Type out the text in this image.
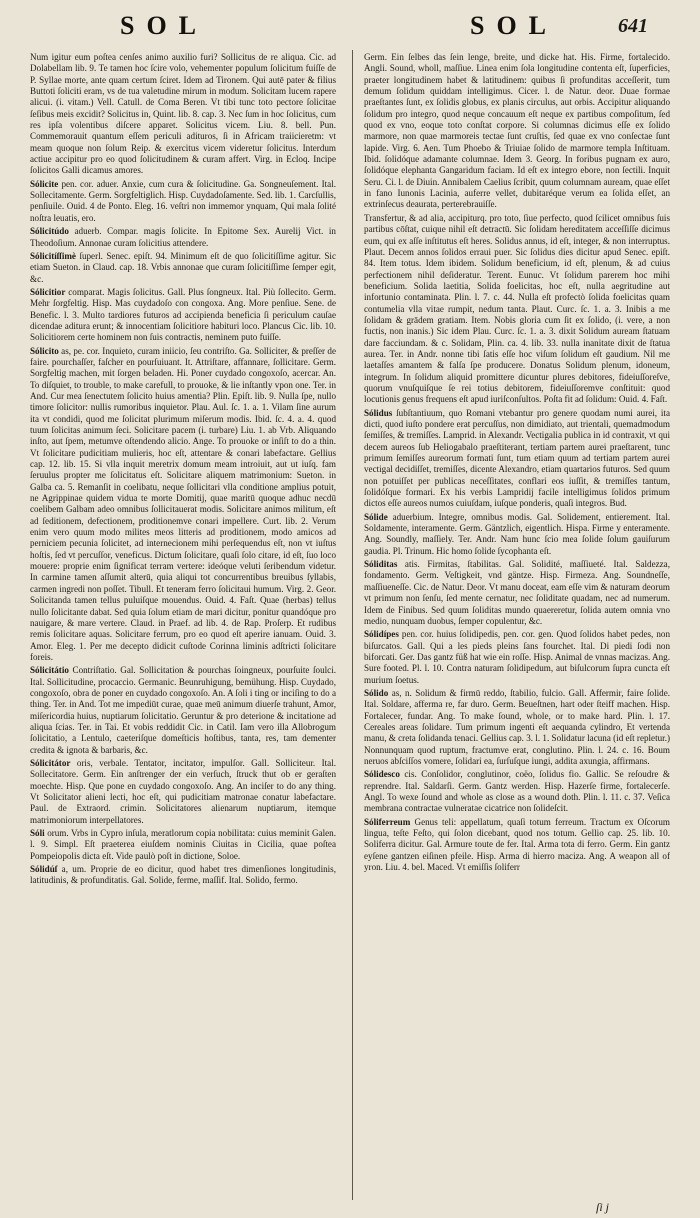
SOL	SOL	641

Num igitur eum poſtea cenſes animo auxilio furi? Sollicitus de re aliqua. Cic. ad Dolabellam lib. 9. Te tamen hoc ſcire volo, vehementer populum ſolicitum fuiſſe de P. Syllae morte, ante quam certum ſciret. Idem ad Tironem. Qui autē pater & filius Buttoti ſoliciti eram, vs de tua valetudine mirum in modum. Solicitam lucem rapere alicui. (i. vitam.) Vell. Catull. de Coma Beren. Vt tibi tunc toto pectore ſolicitae ſeſibus meis excidit? Solicitus in, Quint. lib. 8. cap. 3. Nec ſum in hoc ſolicitus, cum res ipſa volentibus diſcere apparet. Solicitus vicem. Liu. 8. bell. Pun. Commemorauit quantum eſſem periculi adituros, ſi in Africam traiicieretm: vt meam quoque non ſolum Reip. & exercitus vicem videretur ſolicitus. Interdum actiue accipitur pro eo quod ſolicitudinem & curam affert. Virg. in Ecloq. Incipe ſolicitos Galli dicamus amores.

Sólicite pen. cor. aduer. Anxie, cum cura & ſolicitudine. Ga. Songneuſement. Ital. Sollecitamente. Germ. Sorgfeltiglich. Hisp. Cuydadoſamente. Sed. lib. 1. Carcſullis, penſiuile. Ouid. 4 de Ponto. Eleg. 16. veſtri non immemor ynquam, Qui mala ſolité noſtra leuatis, ero.

Sólicitúdo aduerb. Compar. magis ſolicite. In Epitome Sex. Aurelij Vict. in Theodoſium. Annonae curam ſolicitius attendere.

Sólicitíſſimè ſuperl. Senec. epiſt. 94. Minimum eſt de quo ſolicitiſſime agitur. Sic etiam Sueton. in Claud. cap. 18. Vrbis annonae que curam ſolicitiſſime ſemper egit, &c.

Sólicitior comparat. Magis ſolicitus. Gall. Plus ſongneux. Ital. Più ſollecito. Germ. Mehr ſorgfeltig. Hisp. Mas cuydadoſo con congoxa. Ang. More penſiue. Sene. de Benefic. l. 3. Multo tardiores futuros ad accipienda beneficia ſi periculum cauſae dicendae aditura erunt; & innocentiam ſolicitiore habituri loco. Plancus Cic. lib. 10. Solicitiorem certe hominem non ſuis contractis, neminem puto fuiſſe.

Sólicito as, pe. cor. Inquieto, curam iniicio, ſeu contriſto. Ga. Solliciter, & preſſer de faire. pourchaſſer, faſcher en pourſuiuant. It. Attriſtare, affannare, ſollicitare. Germ. Sorgfeltig machen, mit ſorgen beladen. Hi. Poner cuydado congoxoſo, acercar. An. To diſquiet, to trouble, to make carefull, to prouoke, & lie inſtantly vpon one. Ter. in And. Cur mea ſenectutem ſolicito huius amentia? Plin. Epiſt. lib. 9. Nulla ſpe, nullo timore ſolicitor: nullis rumoribus inquietor. Plau. Aul. ſc. 1. a. 1. Vilam ſine aurum ita vt condidi, quod me ſolicitat plurimum miſerum modis. Ibid. ſc. 4. a. 4. quod tuum ſolicitas animum ſeci. Solicitare pacem (i. turbare) Liu. 1. ab Vrb. Aliquando inſto, aut ſpem, metumve oſtendendo alicio. Ange. To prouoke or inſiſt to do a thin. Vt ſolicitare pudicitiam mulieris, hoc eſt, attentare & conari labefactare. Gellius cap. 12. lib. 15. Si vlla inquit meretrix domum meam introiuit, aut ut iuſq. fam ſeruulus propter me ſolicitatus eſt. Solicitare aliquem matrimonium: Sueton. in Galba ca. 5. Remanſit in coelibatu, neque ſollicitari vlla conditione amplius potuit, ne Agrippinae quidem vidua te morte Domitij, quae maritū quoque adhuc necdū coelibem Galbam adeo omnibus ſollicitauerat modis. Solicitare animos militum, eſt ad ſeditionem, defectionem, proditionemve conari impellere. Curt. lib. 2. Verum enim vero quum modo milites meos litteris ad proditionem, modo amicos ad perniciem pecunia ſolicitet, ad internecionem mihi perſequendus eſt, non vt iuſtus hoſtis, ſed vt percuſſor, veneficus. Dictum ſolicitare, quaſi ſolo citare, id eſt, ſuo loco mouere: proprie enim ſignificat terram vertere: ideóque veluti ſeribendum videtur. In carmine tamen aſſumit alterū, quia aliqui tot concurrentibus breuibus ſyllabis, carmen ingredi non poſſet. Tibull. Et teneram ferro ſolicitaui humum. Virg. 2. Geor. Solicitanda tamen tellus puluiſque mouendus. Ouid. 4. Faſt. Quae (herbas) tellus nullo ſolicitante dabat. Sed quia ſolum etiam de mari dicitur, ponitur quandóque pro nauigare, & mare vertere. Claud. in Praef. ad lib. 4. de Rap. Proſerp. Et rudibus remis ſolicitare aquas. Solicitare ferrum, pro eo quod eſt aperire ianuam. Ouid. 3. Amor. Eleg. 1. Per me decepto didicit cuſtode Corinna liminis adſtricti ſolicitare foreis.

Sólicitátio Contriſtatio. Gal. Sollicitation & pourchas ſoingneux, pourſuite ſoulci. Ital. Sollicitudine, procaccio. Germanic. Beunruhigung, bemühung. Hisp. Cuydado, congoxoſo, obra de poner en cuydado congoxoſo. An. A ſoli i ting or inciſing to do a thing. Ter. in And. Tot me impediūt curae, quae meū animum diuerſe trahunt, Amor, miſericordia huius, nuptiarum ſolicitatio. Geruntur & pro deterione & incitatione ad aliqua ſcias. Ter. in Tai. Et vobis reddidit Cic. in Catil. Iam vero illa Allobrogum ſolicitatio, a Lentulo, caeteriſque domeſticis hoſtibus, tanta, res, tam dementer credita & ignota & barbaris, &c.

Sólicitátor oris, verbale. Tentator, incitator, impulſor. Gall. Solliciteur. Ital. Sollecitatore. Germ. Ein anſtrenger der ein verſuch, ſtruck thut ob er geraſten moechte. Hisp. Que pone en cuydado congoxoſo. Ang. An inciſer to do any thing. Vt Solicitator alieni lecti, hoc eſt, qui pudicitiam matronae conatur labefactare. Paul. de Extraord. crimin. Solicitatores alienarum nuptiarum, itemque matrimoniorum interpellatores.

Sóli orum. Vrbs in Cypro inſula, meratlorum copia nobilitata: cuius meminit Galen. l. 9. Simpl. Eſt praeterea eiuſdem nominis Ciuitas in Cicilia, quae poſtea Pompeiopolis dicta eſt. Vide paulò poſt in dictione, Soloe.

Sólidúſ a, um. Proprie de eo dicitur, quod habet tres dimenſiones longitudinis, latitudinis, & profunditatis. Gal. Solide, ferme, maſſif. Ital. Solido, fermo.

Germ. Ein ſelbes das ſein lenge, breite, und dicke hat. His. Firme, fortalecido. Angli. Sound, wholl, maſſiue. Linea enim ſola longitudine contenta eſt, ſuperficies, praeter longitudinem habet & latitudinem: quibus ſi profunditas acceſſerit, tum demum ſolidum quiddam intelligimus. Cicer. l. de Natur. deor. Duae formae praeſtantes ſunt, ex ſolidis globus, ex planis circulus, aut orbis. Accipitur aliquando ſolidum pro integro, quod neque concauum eſt neque ex partibus compoſitum, ſed quod ex vno, eoque toto conſtat corpore. Si columnas dicimus eſſe ex ſolido marmore, non quae marmoreis tectae ſunt cruſtis, ſed quae ex vno conſectae ſunt lapide. Virg. 6. Aen. Tum Phoebo & Triuiae ſolido de marmore templa Inſtituam. Ibid. ſolidóque adamante columnae. Idem 3. Georg. In foribus pugnam ex auro, ſolidóque elephanta Gangaridum faciam. Id eſt ex integro ebore, non ſectili. Inquit Seru. Ci. l. de Diuin. Annibalem Caelius ſcribit, quum columnam auream, quae eſſet in fano Iunonis Lacinia, auferre vellet, dubitaréque verum ea ſolida eſſet, an extrinſecus deaurata, perterebrauiſſe.

Transfertur, & ad alia, accipiturq. pro toto, ſiue perfecto, quod ſcilicet omnibus ſuis partibus cōſtat, cuique nihil eſt detractū. Sic ſolidam hereditatem acceſſiſſe dicimus eum, qui ex aſſe inſtitutus eſt heres. Solidus annus, id eſt, integer, & non interruptus. Plaut. Decem annos ſolidos erraui puer. Sic ſolidus dies dicitur apud Senec. epiſt. 84. Item totus. Idem ibidem. Solidum beneficium, id eſt, plenum, & ad cuius perfectionem nihil deſideratur. Terent. Eunuc. Vt ſolidum parerem hoc mihi beneficium. Solida laetitia, Solida foelicitas, hoc eſt, nulla aegritudine aut infortunio contaminata. Plin. l. 7. c. 44. Nulla eſt profectò ſolida foelicitas quam contumelia vlla vitae rumpit, nedum tanta. Plaut. Curc. ſc. 1. a. 3. Inibis a me ſolidam & grādem gratiam. Item. Nobis gloria cum ſit ex ſolido, (i. vere, a non fuctis, non inanis.) Sic idem Plau. Curc. ſc. 1. a. 3. dixit Solidum auream ſtatuam dare facciundam. & c. Solidam, Plin. ca. 4. lib. 33. nulla inanitate dixit de ſtatua aurea. Ter. in Andr. nonne tibi ſatis eſſe hoc viſum ſolidum eſt gaudium. Nil me laetaſſes amantem & falſa ſpe producere. Donatus Solidum plenum, idoneum, integrum. In ſolidum aliquid promittere dicuntur plures debitores, fideiuſſoreſve, quorum vnuſquiſque ſe rei totius debitorem, fideiuſſoremve conſtituit: quod locutionis genus frequens eſt apud iuriſconſultos. Poſta fit ad ſolidum: Ouid. 4. Faſt.

Sólidus ſubſtantiuum, quo Romani vtebantur pro genere quodam numi aurei, ita dicti, quod iuſto pondere erat percuſſus, non dimidiato, aut trientali, quemadmodum ſemiſſes, & tremiſſes. Lamprid. in Alexandr. Vectigalia publica in id contraxit, vt qui decem aureos ſub Heliogabalo praeſtiterant, tertiam partem aurei praeſtarent, tunc primum ſemiſſes aureorum formati ſunt, tum etiam quum ad tertiam partem aurei vectigal decidiſſet, tremiſſes, dicente Alexandro, etiam quartarios futuros. Sed quum non potuiſſet per publicas neceſſitates, conflari eos iuſſit, & tremiſſes tantum, ſolidóſque formari. Ex his verbis Lampridij facile intelligimus ſolidos primum dictos eſſe aureos numos cuiuſdam, iuſque ponderis, quaſi integros. Bud.

Sólide aduerbium. Integre, omnibus modis. Gal. Solidement, entierement. Ital. Soldamente, interamente. Germ. Gäntzlich, eigentlich. Hispa. Firme y enteramente. Ang. Soundly, maſſiely. Ter. Andr. Nam hunc ſcio mea ſolide ſolum gauiſurum gaudia. Pl. Trinum. Hic homo ſolide ſycophanta eſt.

Sóliditas atis. Firmitas, ſtabilitas. Gal. Solidité, maſſiueté. Ital. Saldezza, fondamento. Germ. Veſtigkeit, vnd gäntze. Hisp. Firmeza. Ang. Soundneſſe, maſſiueneſſe. Cic. de Natur. Deor. Vt manu doceat, eam eſſe vim & naturam deorum vt primum non ſenſu, ſed mente cernatur, nec ſoliditate quadam, nec ad numerum. Idem de Finibus. Sed quum ſoliditas mundo quaereretur, ſolida autem omnia vno medio, nunquam duobus, ſemper copulentur, &c.

Sólidípes pen. cor. huius ſolidipedis, pen. cor. gen. Quod ſolidos habet pedes, non biſurcatos. Gall. Qui a les pieds pleins ſans fourchet. Ital. Di piedi ſodi non biforcati. Ger. Das gantz füß hat wie ein roſſe. Hisp. Animal de vnnas macizas. Ang. Sure footed. Pl. l. 10. Contra naturam ſolidipedum, aut biſulcorum ſupra cuncta eſt murium ſoetus.

Sólido as, n. Solidum & firmū reddo, ſtabilio, fulcio. Gall. Affermir, faire ſolide. Ital. Soldare, afferma re, far duro. Germ. Beueſtnen, hart oder ſteiff machen. Hisp. Fortalecer, fundar. Ang. To make ſound, whole, or to make hard. Plin. l. 17. Cereales areas ſolidare. Tum primum ingenti eſt aequanda cylindro, Et vertenda manu, & creta ſolidanda tenaci. Gellius cap. 3. l. 1. Solidatur lacuna (id eſt repletur.) Nonnunquam quod ruptum, fractumve erat, conglutino. Plin. l. 24. c. 16. Boum neruos abſciſſos vomere, ſolidari ea, ſurſuſque iungi, addita axungia, affirmans.

Sólidesco cis. Conſolidor, conglutinor, coëo, ſolidus fio. Gallic. Se reſoudre & reprendre. Ital. Saldarſi. Germ. Gantz werden. Hisp. Hazerſe firme, fortalecerſe. Angl. To wexe ſound and whole as close as a wound doth. Plin. l. 11. c. 37. Veſica membrana contractae vulneratae cicatrice non ſolideſcit.

Sóliferreum Genus teli: appellatum, quaſi totum ferreum. Tractum ex Oſcorum lingua, teſte Feſto, qui ſolon dicebant, quod nos totum. Gellio cap. 25. lib. 10. Soliferra dicitur. Gal. Armure toute de fer. Ital. Arma tota di ferro. Germ. Ein gantz eyſene gantzen eiſinen pfeile. Hisp. Arma di hierro maciza. Ang. A weapon all of yron. Liu. 4. bel. Maced. Vt emiſſis ſoliferr

ſi j
